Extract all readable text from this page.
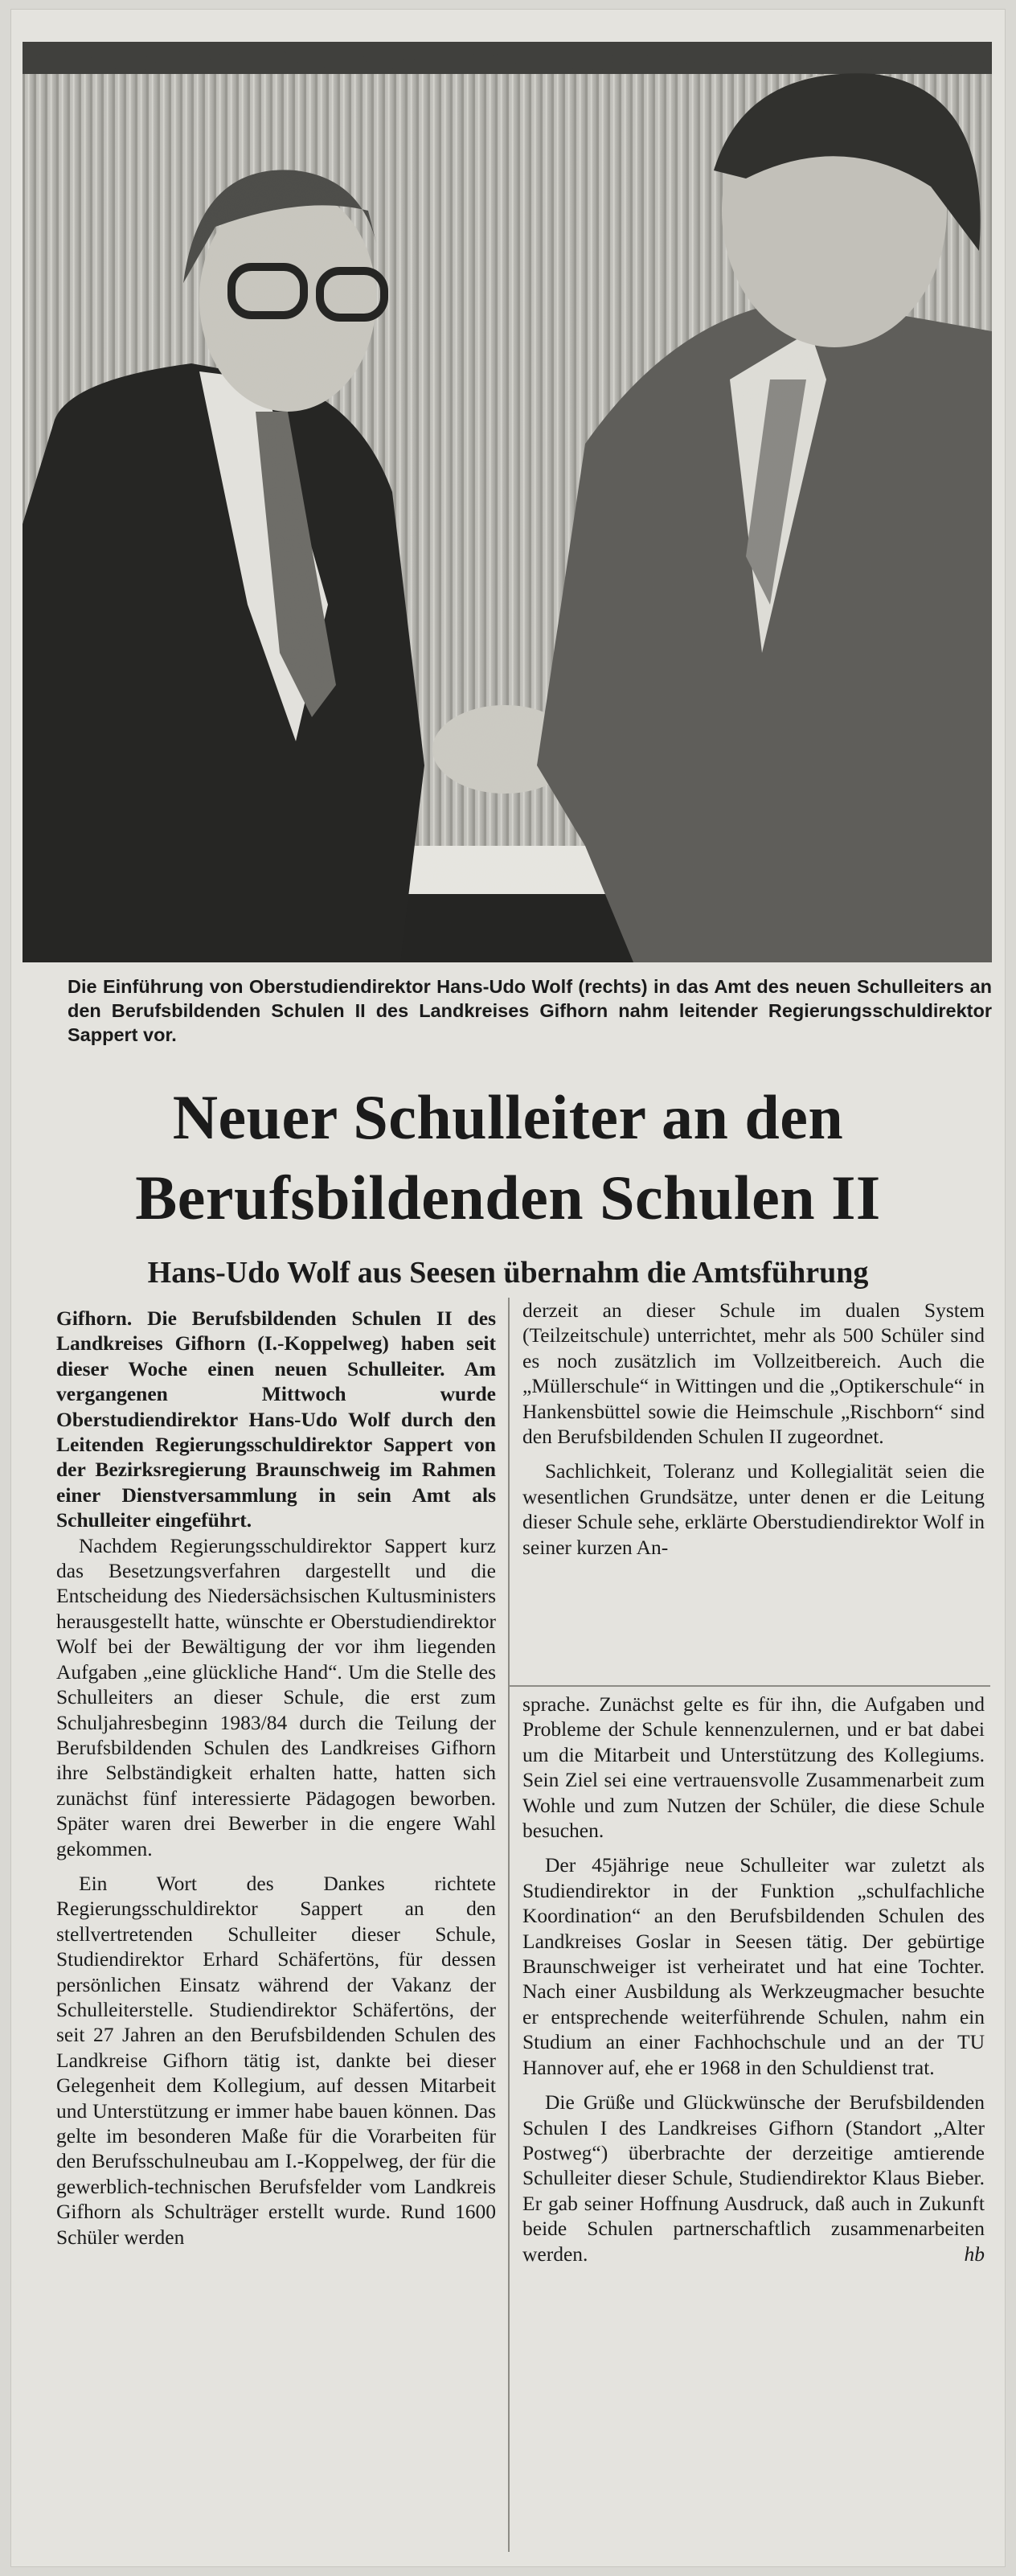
Die Einführung von Oberstudiendirektor Hans-Udo Wolf (rechts) in das Amt des neuen Schulleiters an den Berufsbildenden Schulen II des Landkreises Gifhorn nahm leitender Regierungsschuldirektor Sappert vor.
Neuer Schulleiter an den
Berufsbildenden Schulen II
Hans-Udo Wolf aus Seesen übernahm die Amtsführung

Gifhorn. Die Berufsbildenden Schulen II des Landkreises Gifhorn (I.-Koppelweg) haben seit dieser Woche einen neuen Schulleiter. Am vergangenen Mittwoch wurde Oberstudiendirektor Hans-Udo Wolf durch den Leitenden Regierungsschuldirektor Sappert von der Bezirksregierung Braunschweig im Rahmen einer Dienstversammlung in sein Amt als Schulleiter eingeführt.

Nachdem Regierungsschuldirektor Sappert kurz das Besetzungsverfahren dargestellt und die Entscheidung des Niedersächsischen Kultusministers herausgestellt hatte, wünschte er Oberstudiendirektor Wolf bei der Bewältigung der vor ihm liegenden Aufgaben „eine glückliche Hand“. Um die Stelle des Schulleiters an dieser Schule, die erst zum Schuljahresbeginn 1983/84 durch die Teilung der Berufsbildenden Schulen des Landkreises Gifhorn ihre Selbständigkeit erhalten hatte, hatten sich zunächst fünf interessierte Pädagogen beworben. Später waren drei Bewerber in die engere Wahl gekommen.

Ein Wort des Dankes richtete Regierungsschuldirektor Sappert an den stellvertretenden Schulleiter dieser Schule, Studiendirektor Erhard Schäfertöns, für dessen persönlichen Einsatz während der Vakanz der Schulleiterstelle. Studiendirektor Schäfertöns, der seit 27 Jahren an den Berufsbildenden Schulen des Landkreise Gifhorn tätig ist, dankte bei dieser Gelegenheit dem Kollegium, auf dessen Mitarbeit und Unterstützung er immer habe bauen können. Das gelte im besonderen Maße für die Vorarbeiten für den Berufsschulneubau am I.-Koppelweg, der für die gewerblich-technischen Berufsfelder vom Landkreis Gifhorn als Schulträger erstellt wurde. Rund 1600 Schüler werden

derzeit an dieser Schule im dualen System (Teilzeitschule) unterrichtet, mehr als 500 Schüler sind es noch zusätzlich im Vollzeitbereich. Auch die „Müllerschule“ in Wittingen und die „Optikerschule“ in Hankensbüttel sowie die Heimschule „Rischborn“ sind den Berufsbildenden Schulen II zugeordnet.

Sachlichkeit, Toleranz und Kollegialität seien die wesentlichen Grundsätze, unter denen er die Leitung dieser Schule sehe, erklärte Oberstudiendirektor Wolf in seiner kurzen An-

sprache. Zunächst gelte es für ihn, die Aufgaben und Probleme der Schule kennenzulernen, und er bat dabei um die Mitarbeit und Unterstützung des Kollegiums. Sein Ziel sei eine vertrauensvolle Zusammenarbeit zum Wohle und zum Nutzen der Schüler, die diese Schule besuchen.

Der 45jährige neue Schulleiter war zuletzt als Studiendirektor in der Funktion „schulfachliche Koordination“ an den Berufsbildenden Schulen des Landkreises Goslar in Seesen tätig. Der gebürtige Braunschweiger ist verheiratet und hat eine Tochter. Nach einer Ausbildung als Werkzeugmacher besuchte er entsprechende weiterführende Schulen, nahm ein Studium an einer Fachhochschule und an der TU Hannover auf, ehe er 1968 in den Schuldienst trat.

Die Grüße und Glückwünsche der Berufsbildenden Schulen I des Landkreises Gifhorn (Standort „Alter Postweg“) überbrachte der derzeitige amtierende Schulleiter dieser Schule, Studiendirektor Klaus Bieber. Er gab seiner Hoffnung Ausdruck, daß auch in Zukunft beide Schulen partnerschaftlich zusammenarbeiten werden.	hb
